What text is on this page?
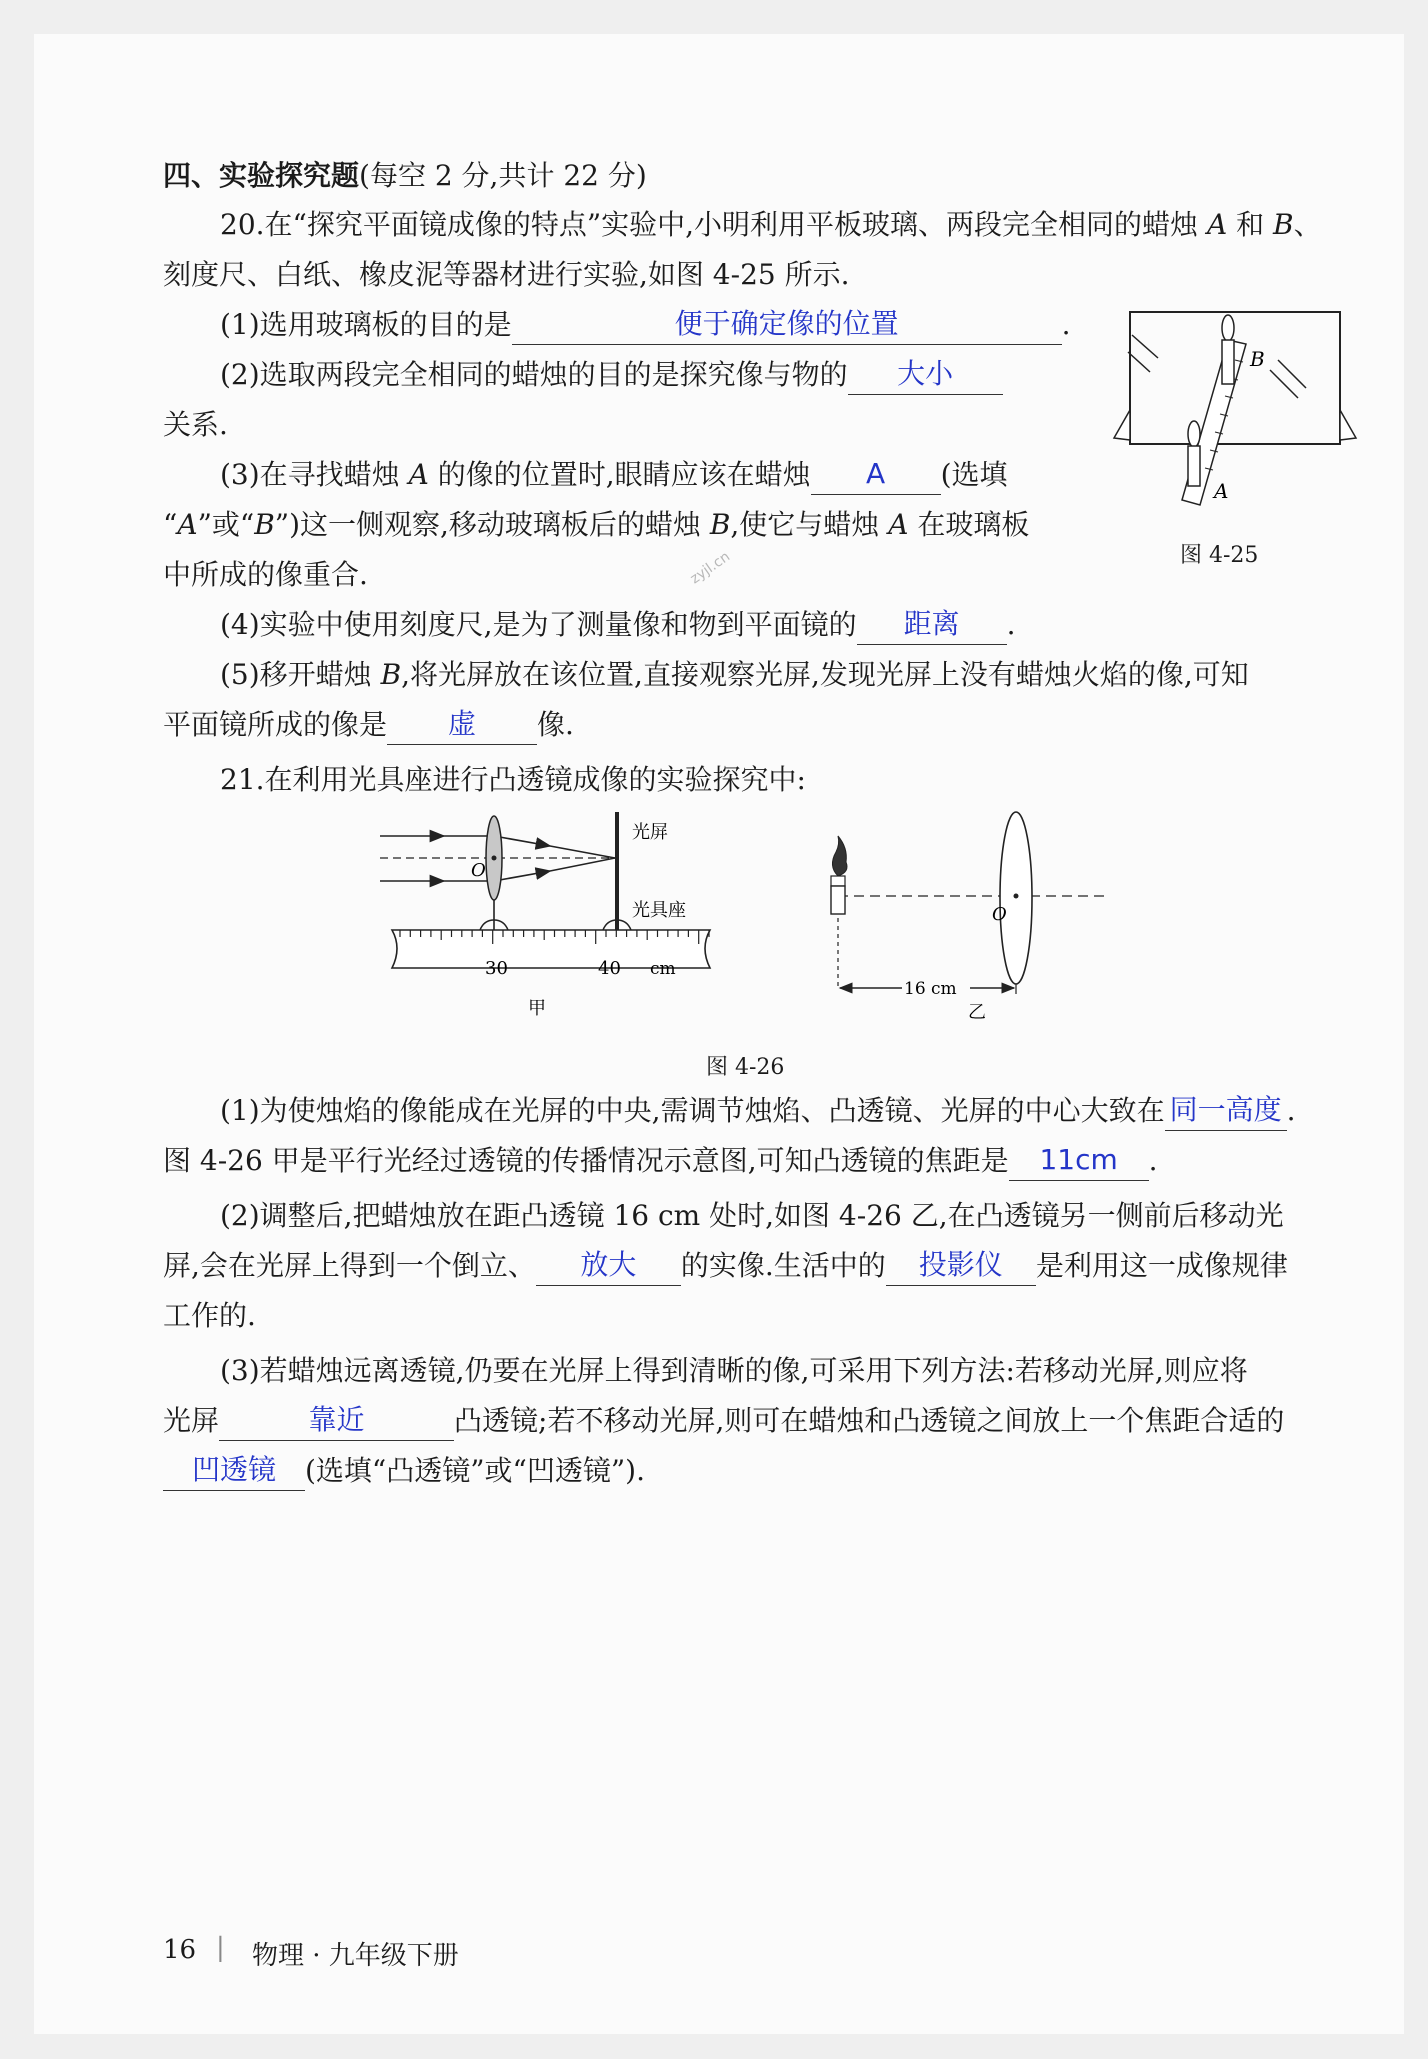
四、实验探究题(每空 2 分,共计 22 分)
20.在“探究平面镜成像的特点”实验中,小明利用平板玻璃、两段完全相同的蜡烛 A 和 B、
刻度尺、白纸、橡皮泥等器材进行实验,如图 4-25 所示.
(1)选用玻璃板的目的是	便于确定像的位置	.
(2)选取两段完全相同的蜡烛的目的是探究像与物的 大小
关系.
(3)在寻找蜡烛 A 的像的位置时,眼睛应该在蜡烛 A (选填
“A”或“B”)这一侧观察,移动玻璃板后的蜡烛 B,使它与蜡烛 A 在玻璃板
中所成的像重合.
(4)实验中使用刻度尺,是为了测量像和物到平面镜的 距离 .
(5)移开蜡烛 B,将光屏放在该位置,直接观察光屏,发现光屏上没有蜡烛火焰的像,可知
平面镜所成的像是 虚 像.
B
A
图 4-25
zyjl.cn
21.在利用光具座进行凸透镜成像的实验探究中:
O
光屏
光具座
30	40 cm
甲
O
16 cm
乙
图 4-26
(1)为使烛焰的像能成在光屏的中央,需调节烛焰、凸透镜、光屏的中心大致在 同一高度 .
图 4-26 甲是平行光经过透镜的传播情况示意图,可知凸透镜的焦距是 11cm .
(2)调整后,把蜡烛放在距凸透镜 16 cm 处时,如图 4-26 乙,在凸透镜另一侧前后移动光
屏,会在光屏上得到一个倒立、 放大 的实像.生活中的 投影仪 是利用这一成像规律
工作的.
(3)若蜡烛远离透镜,仍要在光屏上得到清晰的像,可采用下列方法:若移动光屏,则应将
光屏	靠近	凸透镜;若不移动光屏,则可在蜡烛和凸透镜之间放上一个焦距合适的
凹透镜 (选填“凸透镜”或“凹透镜”).
16 | 物理 · 九年级下册
